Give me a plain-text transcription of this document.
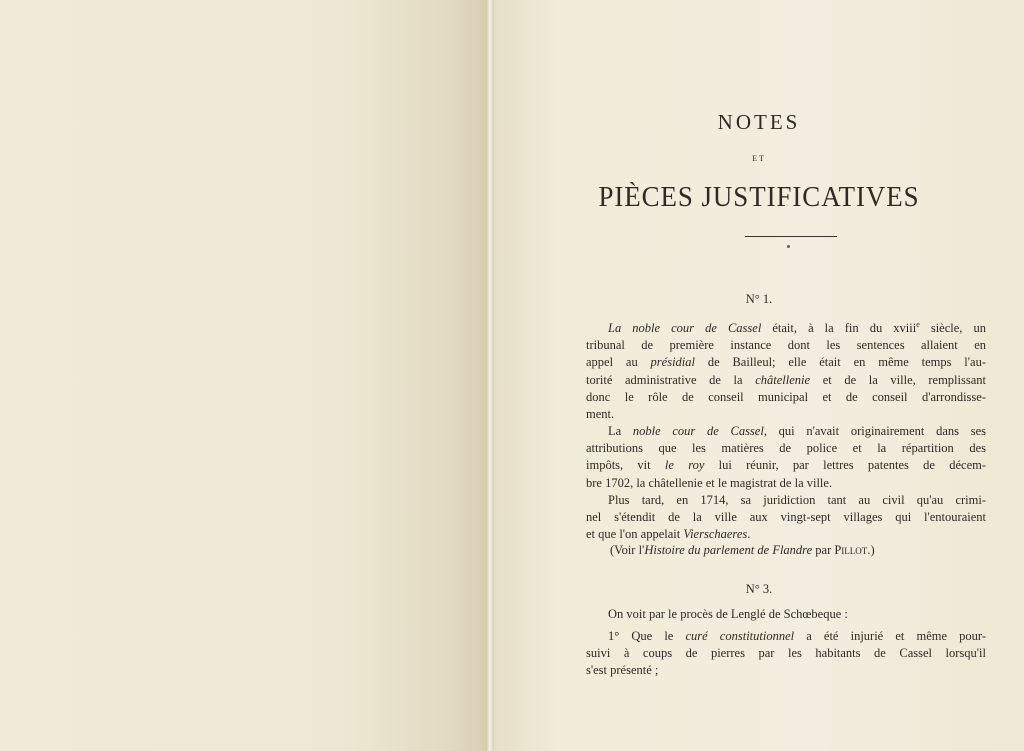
NOTES
ET
PIÈCES JUSTIFICATIVES
N° 1.
La noble cour de Cassel était, à la fin du xviii$^e$ siècle, un
tribunal de première instance dont les sentences allaient en
appel au présidial de Bailleul; elle était en même temps l'au-
torité administrative de la châtellenie et de la ville, remplissant
donc le rôle de conseil municipal et de conseil d'arrondisse-
ment.
La noble cour de Cassel, qui n'avait originairement dans ses
attributions que les matières de police et la répartition des
impôts, vit le roy lui réunir, par lettres patentes de décem-
bre 1702, la châtellenie et le magistrat de la ville.
Plus tard, en 1714, sa juridiction tant au civil qu'au crimi-
nel s'étendit de la ville aux vingt-sept villages qui l'entouraient
et que l'on appelait Vierschaeres.
(Voir l'Histoire du parlement de Flandre par Pillot.)
N° 3.
On voit par le procès de Lenglé de Schœbeque :
1° Que le curé constitutionnel a été injurié et même pour-
suivi à coups de pierres par les habitants de Cassel lorsqu'il
s'est présenté ;
